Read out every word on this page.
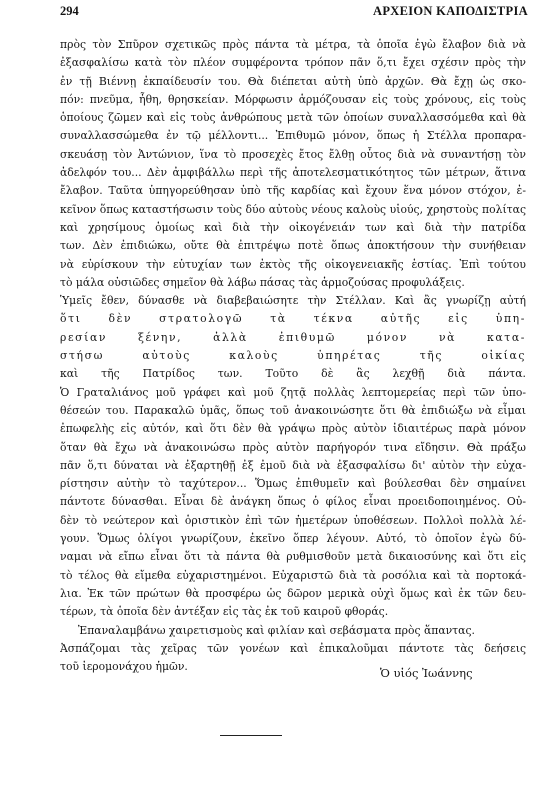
294	ΑΡΧΕΙΟΝ ΚΑΠΟΔΙΣΤΡΙΑ
πρὸς τὸν Σπῦρον σχετικῶς πρὸς πάντα τὰ μέτρα, τὰ ὁποῖα ἐγὼ ἔλαβον διὰ νὰ
ἐξασφαλίσω κατὰ τὸν πλέον συμφέροντα τρόπον πᾶν ὅ,τι ἔχει σχέσιν πρὸς τὴν
ἐν τῇ Βιέννῃ ἐκπαίδευσίν του. Θὰ διέπεται αὐτὴ ὑπὸ ἀρχῶν. Θὰ ἔχῃ ὡς σκο-
πόν: πνεῦμα, ἦθη, θρησκείαν. Μόρφωσιν ἁρμόζουσαν εἰς τοὺς χρόνους, εἰς τοὺς
ὁποίους ζῶμεν καὶ εἰς τοὺς ἀνθρώπους μετὰ τῶν ὁποίων συναλλασσόμεθα καὶ θὰ
συναλλασσώμεθα ἐν τῷ μέλλοντι... Ἐπιθυμῶ μόνον, ὅπως ἡ Στέλλα προπαρα-
σκευάσῃ τὸν Ἀντώνιον, ἵνα τὸ προσεχὲς ἔτος ἔλθῃ οὗτος διὰ νὰ συναντήσῃ τὸν
ἀδελφόν του... Δὲν ἀμφιβάλλω περὶ τῆς ἀποτελεσματικότητος τῶν μέτρων, ἅτινα
ἔλαβον. Ταῦτα ὑπηγορεύθησαν ὑπὸ τῆς καρδίας καὶ ἔχουν ἕνα μόνον στόχον, ἐ-
κεῖνον ὅπως καταστήσωσιν τοὺς δύο αὐτοὺς νέους καλοὺς υἱούς, χρηστοὺς πολίτας
καὶ χρησίμους ὁμοίως καὶ διὰ τὴν οἰκογένειάν των καὶ διὰ τὴν πατρίδα
των. Δὲν ἐπιδιώκω, οὔτε θὰ ἐπιτρέψω ποτὲ ὅπως ἀποκτήσουν τὴν συνήθειαν
νὰ εὑρίσκουν τὴν εὐτυχίαν των ἐκτὸς τῆς οἰκογενειακῆς ἑστίας. Ἐπὶ τούτου
τὸ μάλα οὐσιῶδες σημεῖον θὰ λάβω πάσας τὰς ἁρμοζούσας προφυλάξεις.
Ὑμεῖς ἔθεν, δύνασθε νὰ διαβεβαιώσητε τὴν Στέλλαν. Καὶ ἂς γνωρίζῃ αὐτή
ὅτι δὲν στρατολογῶ τὰ τέκνα αὐτῆς εἰς ὑπη-
ρεσίαν ξένην, ἀλλὰ ἐπιθυμῶ μόνον νὰ κατα-
στήσω αὐτοὺς καλοὺς ὑπηρέτας τῆς οἰκίας
καὶ τῆς Πατρίδος των. Τοῦτο δὲ ἂς λεχθῇ διὰ πάντα.
Ὁ Γραταλιάνος μοῦ γράφει καὶ μοῦ ζητᾷ πολλὰς λεπτομερείας περὶ τῶν ὑπο-
θέσεών του. Παρακαλῶ ὑμᾶς, ὅπως τοῦ ἀνακοινώσητε ὅτι θὰ ἐπιδιώξω νὰ εἶμαι
ἐπωφελὴς εἰς αὐτόν, καὶ ὅτι δὲν θὰ γράψω πρὸς αὐτὸν ἰδιαιτέρως παρὰ μόνον
ὅταν θὰ ἔχω νὰ ἀνακοινώσω πρὸς αὐτὸν παρήγορόν τινα εἴδησιν. Θὰ πράξω
πᾶν ὅ,τι δύναται νὰ ἐξαρτηθῇ ἐξ ἐμοῦ διὰ νὰ ἐξασφαλίσω δι' αὐτὸν τὴν εὐχα-
ρίστησιν αὐτὴν τὸ ταχύτερον... Ὅμως ἐπιθυμεῖν καὶ βούλεσθαι δὲν σημαίνει
πάντοτε δύνασθαι. Εἶναι δὲ ἀνάγκη ὅπως ὁ φίλος εἶναι προειδοποιημένος. Οὐ-
δὲν τὸ νεώτερον καὶ ὁριστικὸν ἐπὶ τῶν ἡμετέρων ὑποθέσεων. Πολλοὶ πολλὰ λέ-
γουν. Ὅμως ὀλίγοι γνωρίζουν, ἐκεῖνο ὅπερ λέγουν. Αὐτό, τὸ ὁποῖον ἐγὼ δύ-
ναμαι νὰ εἴπω εἶναι ὅτι τὰ πάντα θὰ ρυθμισθοῦν μετὰ δικαιοσύνης καὶ ὅτι εἰς
τὸ τέλος θὰ εἴμεθα εὐχαριστημένοι. Εὐχαριστῶ διὰ τὰ ροσόλια καὶ τὰ πορτοκά-
λια. Ἐκ τῶν πρώτων θὰ προσφέρω ὡς δῶρον μερικὰ οὐχὶ ὅμως καὶ ἐκ τῶν δευ-
τέρων, τὰ ὁποῖα δὲν ἀντέξαν εἰς τὰς ἐκ τοῦ καιροῦ φθοράς.
Ἐπαναλαμβάνω χαιρετισμοὺς καὶ φιλίαν καὶ σεβάσματα πρὸς ἅπαντας.
Ἀσπάζομαι τὰς χεῖρας τῶν γονέων καὶ ἐπικαλοῦμαι πάντοτε τὰς δεήσεις
τοῦ ἱερομονάχου ἡμῶν.	Ὁ υἱός Ἰωάννης
